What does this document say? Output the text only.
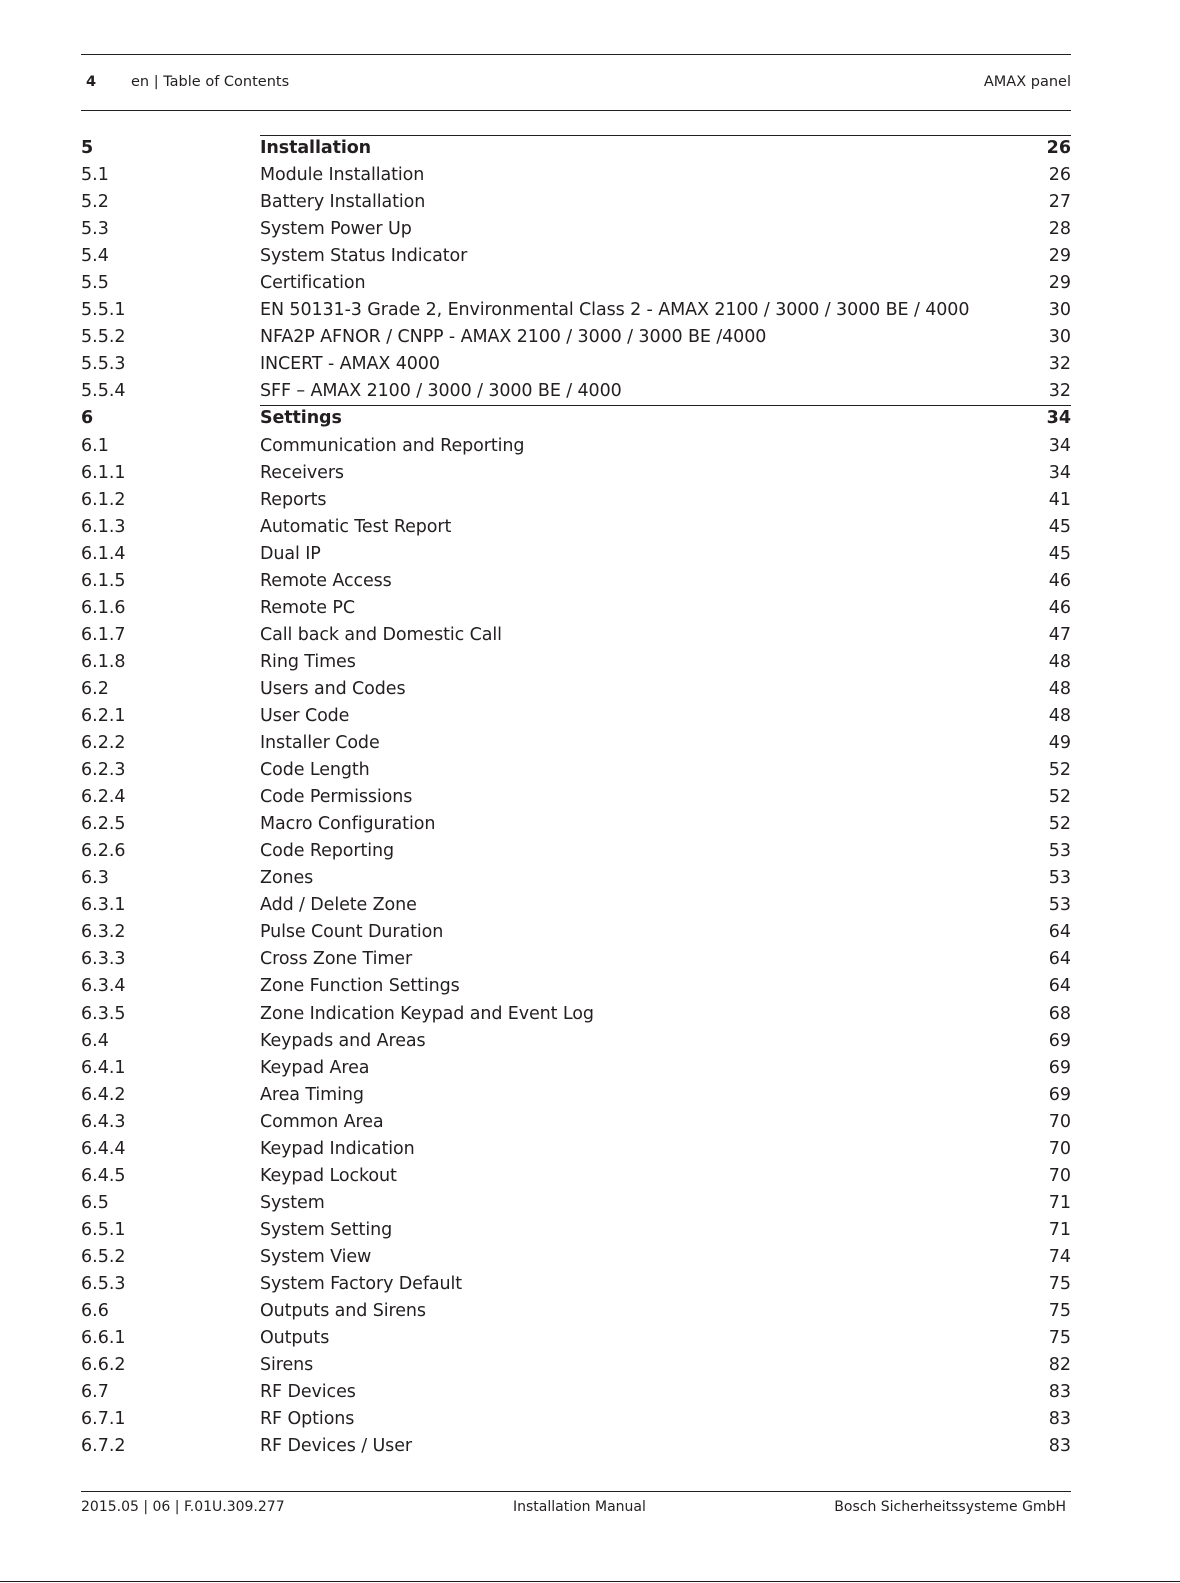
4 en | Table of Contents	AMAX panel
5	Installation	26
5.1	Module Installation	26
5.2	Battery Installation	27
5.3	System Power Up	28
5.4	System Status Indicator	29
5.5	Certification	29
5.5.1	EN 50131-3 Grade 2, Environmental Class 2 - AMAX 2100 / 3000 / 3000 BE / 4000	30
5.5.2	NFA2P AFNOR / CNPP - AMAX 2100 / 3000 / 3000 BE /4000	30
5.5.3	INCERT - AMAX 4000	32
5.5.4	SFF – AMAX 2100 / 3000 / 3000 BE / 4000	32
6	Settings	34
6.1	Communication and Reporting	34
6.1.1	Receivers	34
6.1.2	Reports	41
6.1.3	Automatic Test Report	45
6.1.4	Dual IP	45
6.1.5	Remote Access	46
6.1.6	Remote PC	46
6.1.7	Call back and Domestic Call	47
6.1.8	Ring Times	48
6.2	Users and Codes	48
6.2.1	User Code	48
6.2.2	Installer Code	49
6.2.3	Code Length	52
6.2.4	Code Permissions	52
6.2.5	Macro Configuration	52
6.2.6	Code Reporting	53
6.3	Zones	53
6.3.1	Add / Delete Zone	53
6.3.2	Pulse Count Duration	64
6.3.3	Cross Zone Timer	64
6.3.4	Zone Function Settings	64
6.3.5	Zone Indication Keypad and Event Log	68
6.4	Keypads and Areas	69
6.4.1	Keypad Area	69
6.4.2	Area Timing	69
6.4.3	Common Area	70
6.4.4	Keypad Indication	70
6.4.5	Keypad Lockout	70
6.5	System	71
6.5.1	System Setting	71
6.5.2	System View	74
6.5.3	System Factory Default	75
6.6	Outputs and Sirens	75
6.6.1	Outputs	75
6.6.2	Sirens	82
6.7	RF Devices	83
6.7.1	RF Options	83
6.7.2	RF Devices / User	83
2015.05 | 06 | F.01U.309.277	Installation Manual	Bosch Sicherheitssysteme GmbH
